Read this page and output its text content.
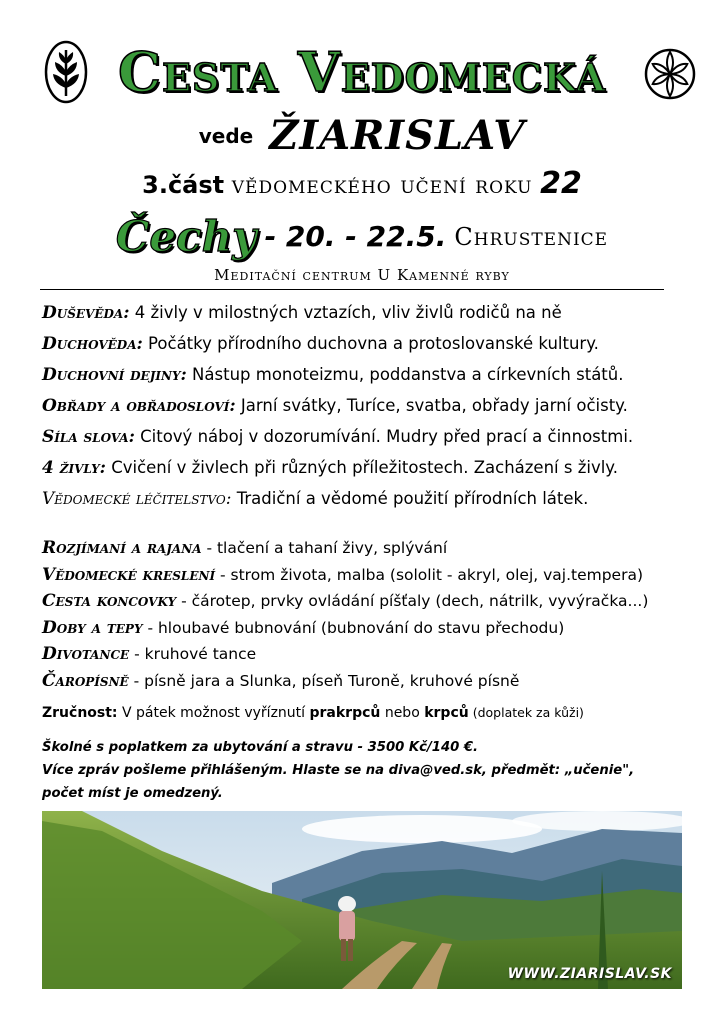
Cesta Vedomecká
vede ŽIARISLAV
3.část vědomeckého učení roku 22
Čechy - 20. - 22.5. Chrustenice
Meditační centrum U Kamenné ryby
Duševěda: 4 živly v milostných vztazích, vliv živlů rodičů na ně
Duchověda: Počátky přírodního duchovna a protoslovanské kultury.
Duchovní dejiny: Nástup monoteizmu, poddanstva a církevních států.
Obřady a obřadosloví: Jarní svátky, Turíce, svatba, obřady jarní očisty.
Síla slova: Citový náboj v dozorumívání. Mudry před prací a činnostmi.
4 živly: Cvičení v živlech při různých příležitostech. Zacházení s živly.
Vědomecké léčitelstvo: Tradiční a vědomé použití přírodních látek.
Rozjímaní a rajana - tlačení a tahaní živy, splývání
Vědomecké kreslení - strom života, malba (sololit - akryl, olej, vaj.tempera)
Cesta koncovky - čárotep, prvky ovládání píšťaly (dech, nátrilk, vyvýračka...)
Doby a tepy - hloubavé bubnování (bubnování do stavu přechodu)
Divotance - kruhové tance
Čaropísně - písně jara a Slunka, píseň Turoně, kruhové písně
Zručnost: V pátek možnost vyříznutí prakrpců nebo krpců (doplatek za kůži)
Školné s poplatkem za ubytování a stravu - 3500 Kč/140 €.
Více zpráv pošleme přihlášeným. Hlaste se na diva@ved.sk, předmět: „učenie",
počet míst je omedzený.
WWW.ZIARISLAV.SK
